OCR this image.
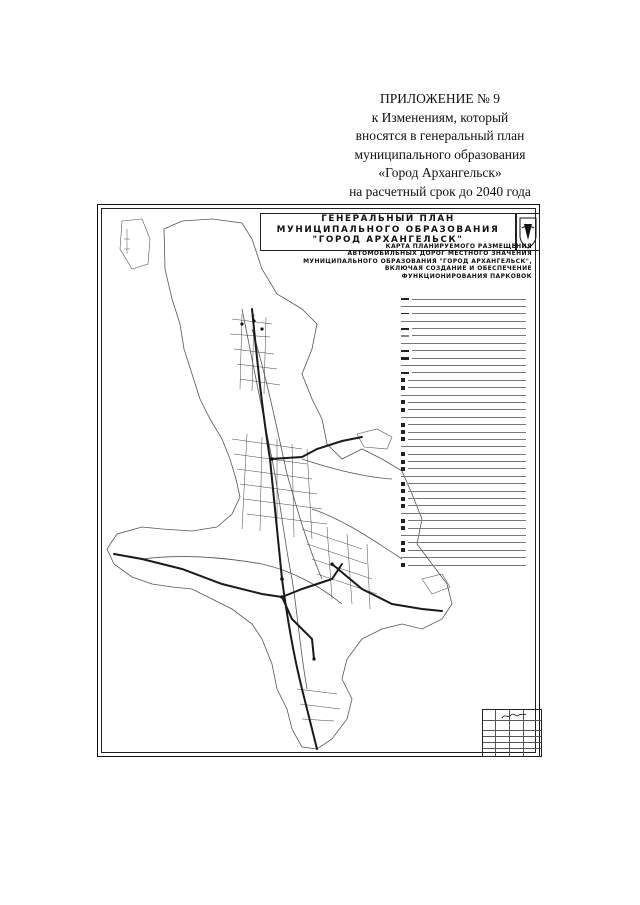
ПРИЛОЖЕНИЕ № 9
к Изменениям, который
вносятся в генеральный план
муниципального образования
«Город Архангельск»
на расчетный срок до 2040 года
ГЕНЕРАЛЬНЫЙ ПЛАН
МУНИЦИПАЛЬНОГО ОБРАЗОВАНИЯ
"ГОРОД АРХАНГЕЛЬСК"
КАРТА ПЛАНИРУЕМОГО РАЗМЕЩЕНИЯ
АВТОМОБИЛЬНЫХ ДОРОГ МЕСТНОГО ЗНАЧЕНИЯ
МУНИЦИПАЛЬНОГО ОБРАЗОВАНИЯ "ГОРОД АРХАНГЕЛЬСК",
ВКЛЮЧАЯ СОЗДАНИЕ И ОБЕСПЕЧЕНИЕ
ФУНКЦИОНИРОВАНИЯ ПАРКОВОК
